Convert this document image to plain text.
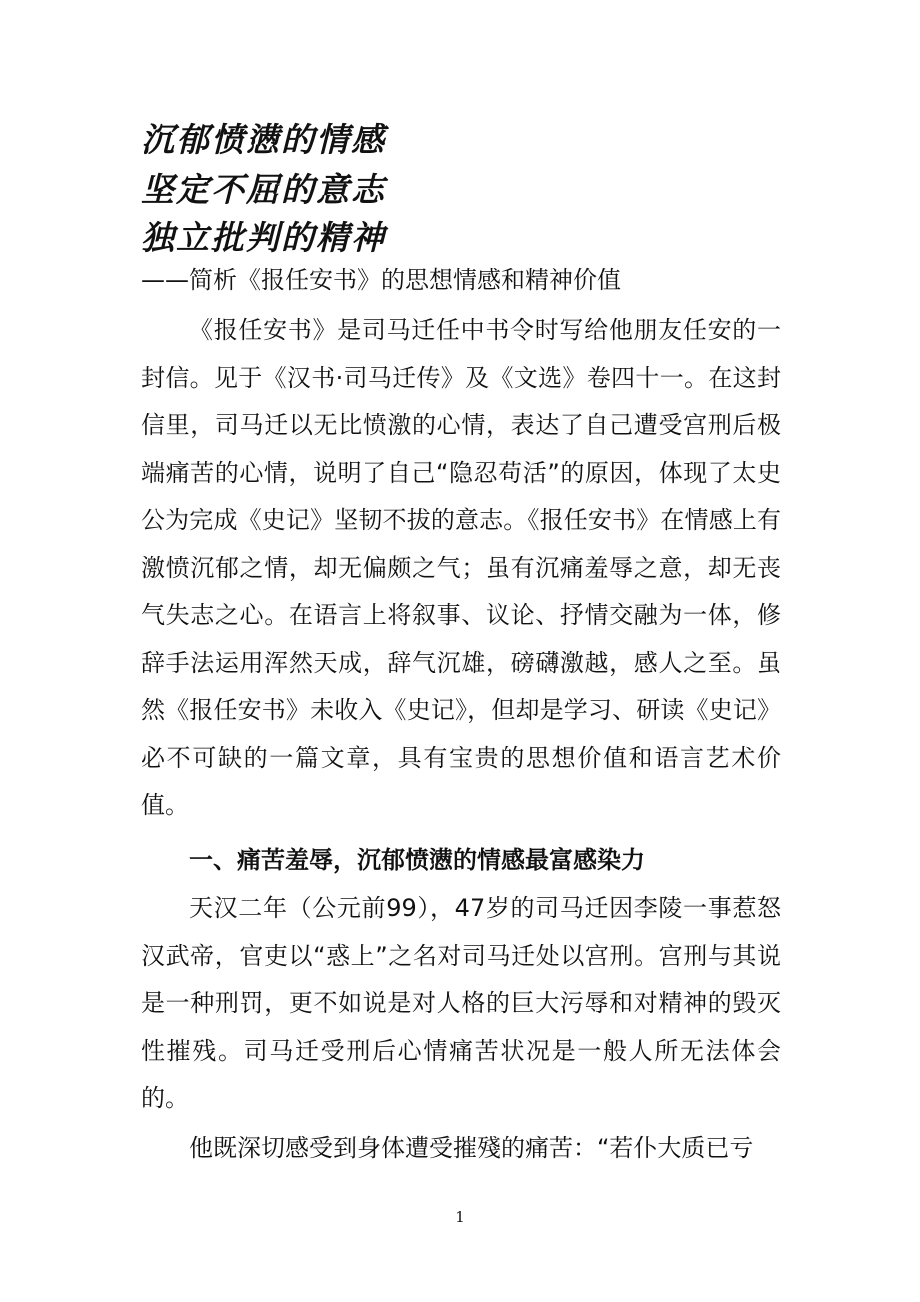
沉郁愤懑的情感
坚定不屈的意志
独立批判的精神
——简析《报任安书》的思想情感和精神价值

《报任安书》是司马迁任中书令时写给他朋友任安的一封信。见于《汉书·司马迁传》及《文选》卷四十一。在这封信里，司马迁以无比愤激的心情，表达了自己遭受宫刑后极端痛苦的心情，说明了自己“隐忍苟活”的原因，体现了太史公为完成《史记》坚韧不拔的意志。《报任安书》在情感上有激愤沉郁之情，却无偏颇之气；虽有沉痛羞辱之意，却无丧气失志之心。在语言上将叙事、议论、抒情交融为一体，修辞手法运用浑然天成，辞气沉雄，磅礴激越，感人之至。虽然《报任安书》未收入《史记》，但却是学习、研读《史记》必不可缺的一篇文章，具有宝贵的思想价值和语言艺术价值。

一、痛苦羞辱，沉郁愤懑的情感最富感染力

天汉二年（公元前99），47岁的司马迁因李陵一事惹怒汉武帝，官吏以“惑上”之名对司马迁处以宫刑。宫刑与其说是一种刑罚，更不如说是对人格的巨大污辱和对精神的毁灭性摧残。司马迁受刑后心情痛苦状况是一般人所无法体会的。

他既深切感受到身体遭受摧殘的痛苦：“若仆大质已亏

1
